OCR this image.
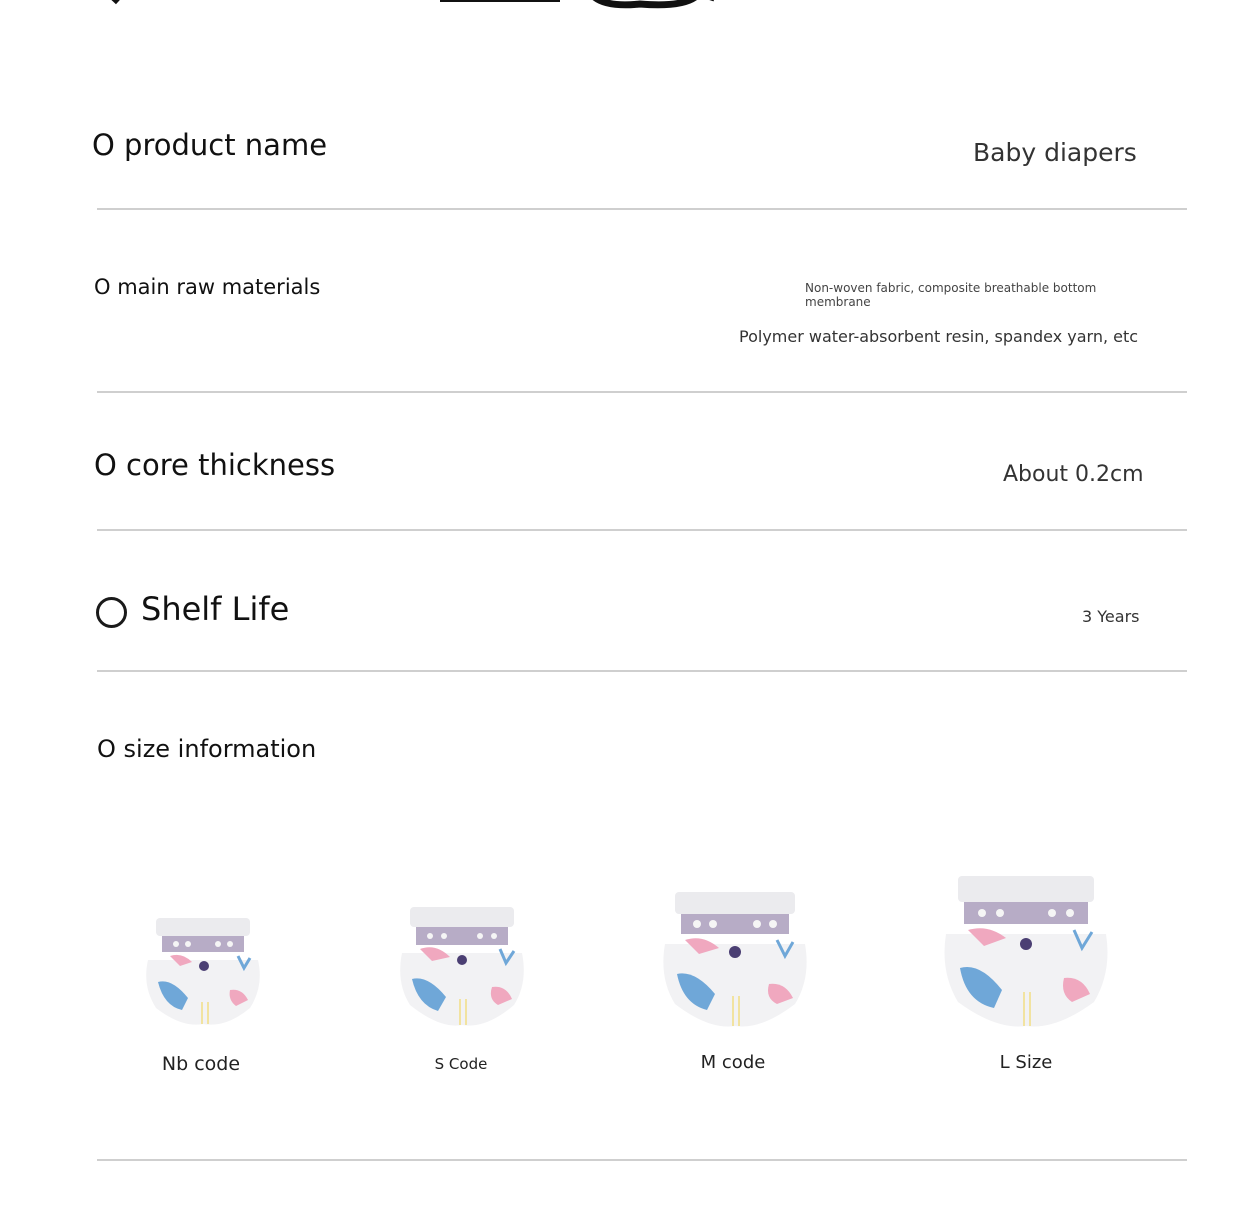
O product name	Baby diapers
O main raw materials	Non-woven fabric, composite breathable bottom
membrane
Polymer water-absorbent resin, spandex yarn, etc
O core thickness	About 0.2cm
Shelf Life	3 Years
O size information
Nb code	S Code	M code	L Size
